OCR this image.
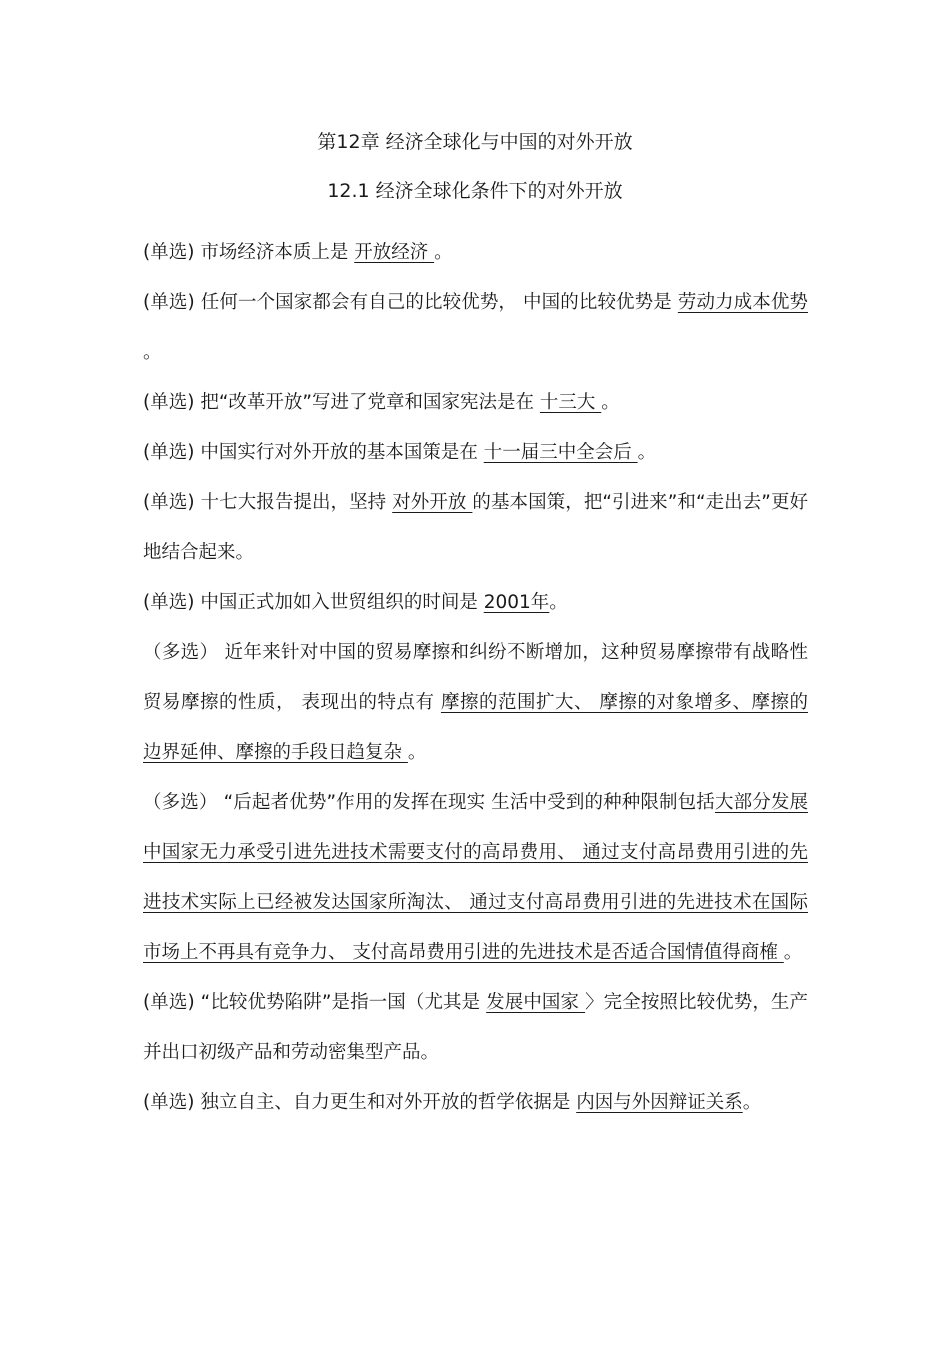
第12章 经济全球化与中国的对外开放
12.1 经济全球化条件下的对外开放

(单选) 市场经济本质上是 开放经济 。

(单选) 任何一个国家都会有自己的比较优势， 中国的比较优势是 劳动力成本优势 。

(单选) 把“改革开放”写进了党章和国家宪法是在 十三大 。

(单选) 中国实行对外开放的基本国策是在 十一届三中全会后 。

(单选) 十七大报告提出，坚持 对外开放 的基本国策，把“引进来”和“走出去”更好地结合起来。

(单选) 中国正式加如入世贸组织的时间是 2001年。

（多选） 近年来针对中国的贸易摩擦和纠纷不断增加，这种贸易摩擦带有战略性贸易摩擦的性质， 表现出的特点有 摩擦的范围扩大、 摩擦的对象增多、摩擦的边界延伸、摩擦的手段日趋复杂 。

（多选） “后起者优势”作用的发挥在现实 生活中受到的种种限制包括大部分发展中国家无力承受引进先进技术需要支付的高昂费用、 通过支付高昂费用引进的先进技术实际上已经被发达国家所淘汰、 通过支付高昂费用引进的先进技术在国际市场上不再具有竞争力、 支付高昂费用引进的先进技术是否适合国情值得商榷 。

(单选) “比较优势陷阱”是指一国（尤其是 发展中国家 〉完全按照比较优势，生产并出口初级产品和劳动密集型产品。

(单选) 独立自主、自力更生和对外开放的哲学依据是 内因与外因辩证关系。
